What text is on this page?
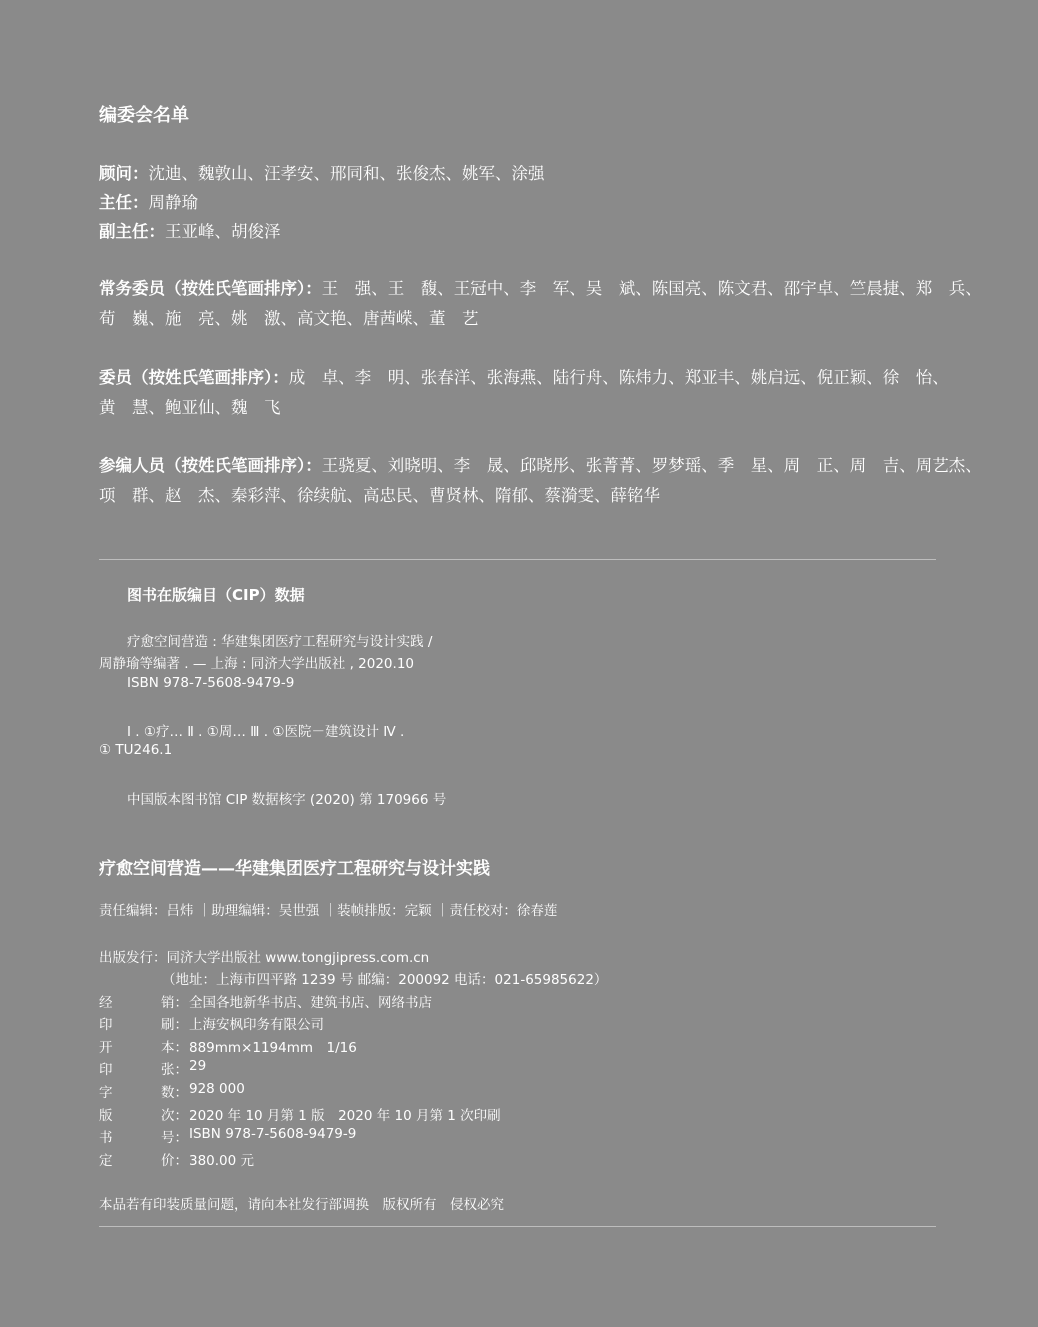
编委会名单
顾问：沈迪、魏敦山、汪孝安、邢同和、张俊杰、姚军、涂强
主任：周静瑜
副主任：王亚峰、胡俊泽
常务委员（按姓氏笔画排序）：王　强、王　馥、王冠中、李　军、吴　斌、陈国亮、陈文君、邵宇卓、竺晨捷、郑　兵、
荀　巍、施　亮、姚　激、高文艳、唐茜嵘、董　艺
委员（按姓氏笔画排序）：成　卓、李　明、张春洋、张海燕、陆行舟、陈炜力、郑亚丰、姚启远、倪正颖、徐　怡、
黄　慧、鲍亚仙、魏　飞
参编人员（按姓氏笔画排序）：王骁夏、刘晓明、李　晟、邱晓彤、张菁菁、罗梦瑶、季　星、周　正、周　吉、周艺杰、
项　群、赵　杰、秦彩萍、徐续航、高忠民、曹贤林、隋郁、蔡漪雯、薛铭华
图书在版编目（CIP）数据
疗愈空间营造 : 华建集团医疗工程研究与设计实践 /
周静瑜等编著 . — 上海 : 同济大学出版社 , 2020.10
ISBN 978-7-5608-9479-9
Ⅰ . ①疗… Ⅱ . ①周… Ⅲ . ①医院－建筑设计 Ⅳ .
① TU246.1
中国版本图书馆 CIP 数据核字 (2020) 第 170966 号
疗愈空间营造——华建集团医疗工程研究与设计实践
责任编辑：吕炜 ｜助理编辑：吴世强 ｜装帧排版：完颖 ｜责任校对：徐春莲
出版发行：同济大学出版社 www.tongjipress.com.cn
（地址：上海市四平路 1239 号 邮编：200092 电话：021-65985622）
经	销： 全国各地新华书店、建筑书店、网络书店
印	刷： 上海安枫印务有限公司
开	本： 889mm×1194mm　1/16
印	张： 29
字	数： 928 000
版	次： 2020 年 10 月第 1 版　2020 年 10 月第 1 次印刷
书	号： ISBN 978-7-5608-9479-9
定	价： 380.00 元
本品若有印装质量问题，请向本社发行部调换　版权所有　侵权必究
